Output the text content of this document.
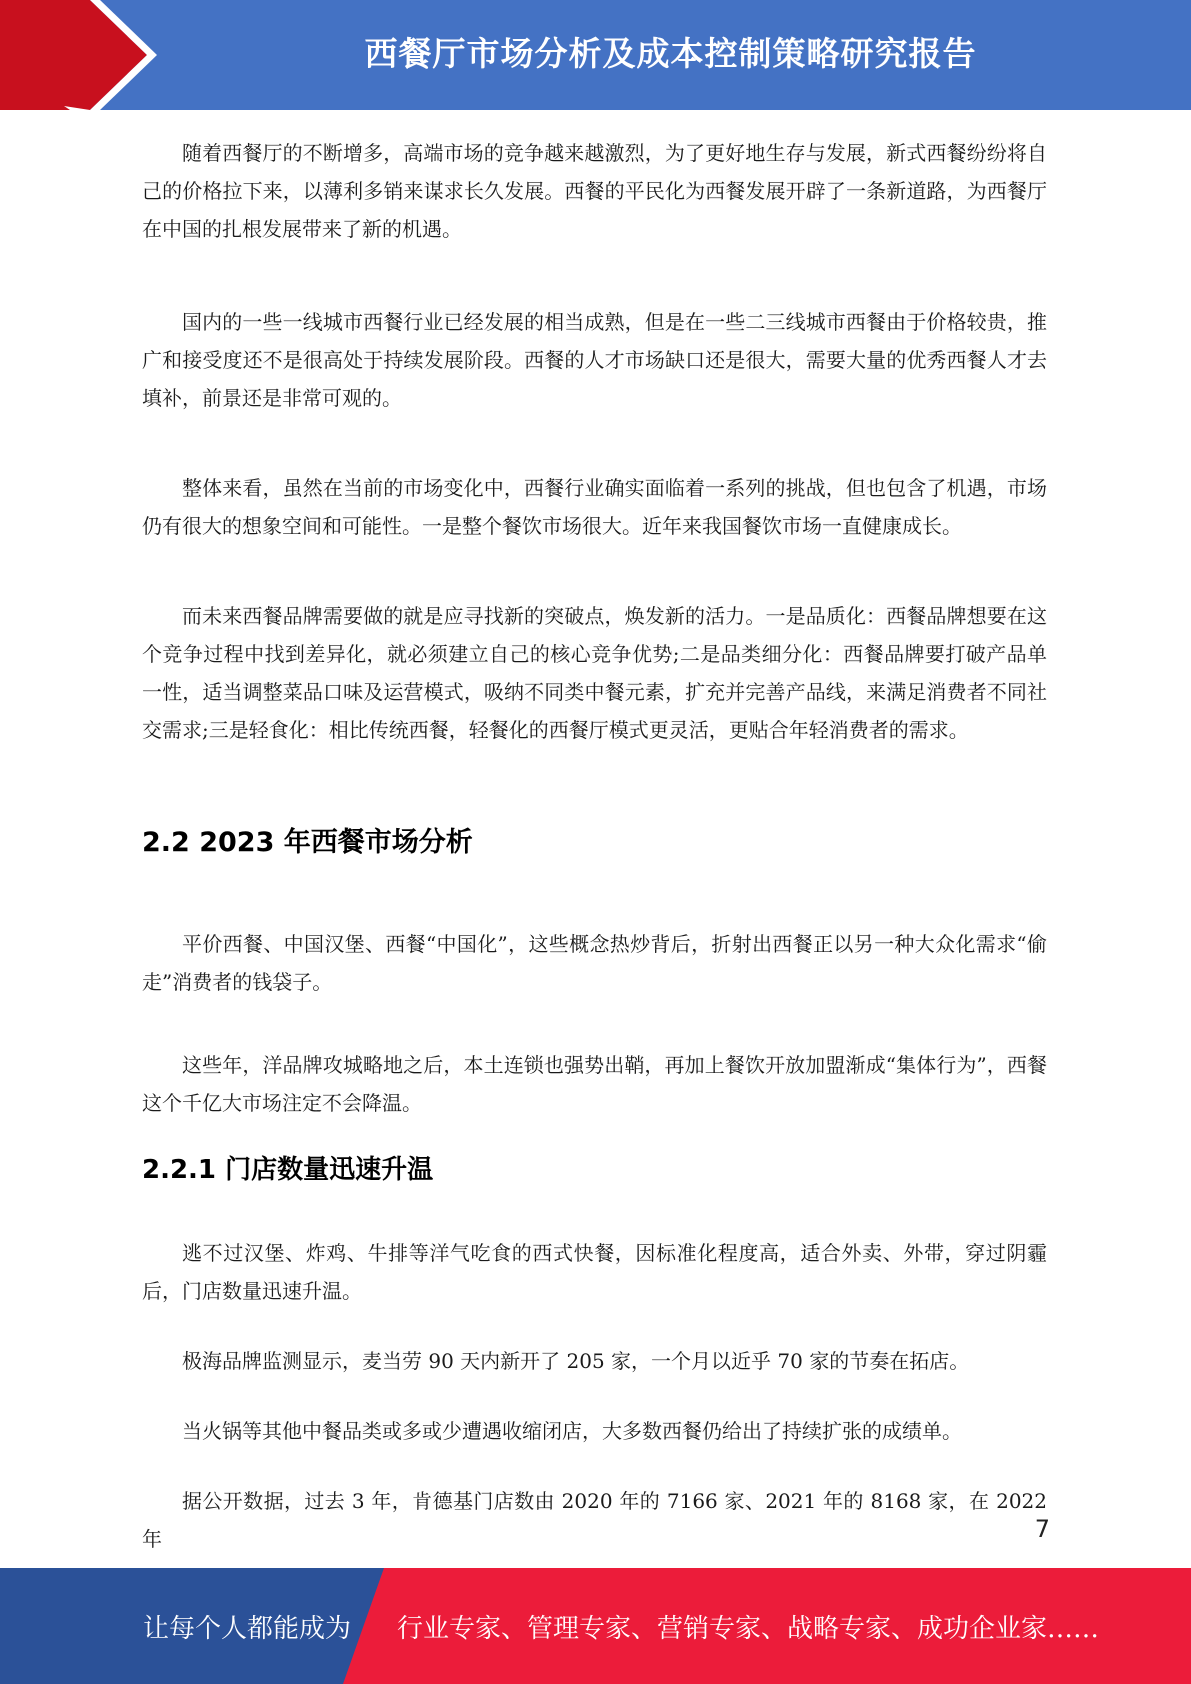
西餐厅市场分析及成本控制策略研究报告

随着西餐厅的不断增多，高端市场的竞争越来越激烈，为了更好地生存与发展，新式西餐纷纷将自己的价格拉下来，以薄利多销来谋求长久发展。西餐的平民化为西餐发展开辟了一条新道路，为西餐厅在中国的扎根发展带来了新的机遇。

国内的一些一线城市西餐行业已经发展的相当成熟，但是在一些二三线城市西餐由于价格较贵，推广和接受度还不是很高处于持续发展阶段。西餐的人才市场缺口还是很大，需要大量的优秀西餐人才去填补，前景还是非常可观的。

整体来看，虽然在当前的市场变化中，西餐行业确实面临着一系列的挑战，但也包含了机遇，市场仍有很大的想象空间和可能性。一是整个餐饮市场很大。近年来我国餐饮市场一直健康成长。

而未来西餐品牌需要做的就是应寻找新的突破点，焕发新的活力。一是品质化：西餐品牌想要在这个竞争过程中找到差异化，就必须建立自己的核心竞争优势;二是品类细分化：西餐品牌要打破产品单一性，适当调整菜品口味及运营模式，吸纳不同类中餐元素，扩充并完善产品线，来满足消费者不同社交需求;三是轻食化：相比传统西餐，轻餐化的西餐厅模式更灵活，更贴合年轻消费者的需求。

2.2 2023 年西餐市场分析

平价西餐、中国汉堡、西餐“中国化”，这些概念热炒背后，折射出西餐正以另一种大众化需求“偷走”消费者的钱袋子。

这些年，洋品牌攻城略地之后，本土连锁也强势出鞘，再加上餐饮开放加盟渐成“集体行为”，西餐这个千亿大市场注定不会降温。

2.2.1 门店数量迅速升温

逃不过汉堡、炸鸡、牛排等洋气吃食的西式快餐，因标准化程度高，适合外卖、外带，穿过阴霾后，门店数量迅速升温。

极海品牌监测显示，麦当劳 90 天内新开了 205 家，一个月以近乎 70 家的节奏在拓店。

当火锅等其他中餐品类或多或少遭遇收缩闭店，大多数西餐仍给出了持续扩张的成绩单。

据公开数据，过去 3 年，肯德基门店数由 2020 年的 7166 家、2021 年的 8168 家，在 2022 年	7
让每个人都能成为 行业专家、管理专家、营销专家、战略专家、成功企业家……
